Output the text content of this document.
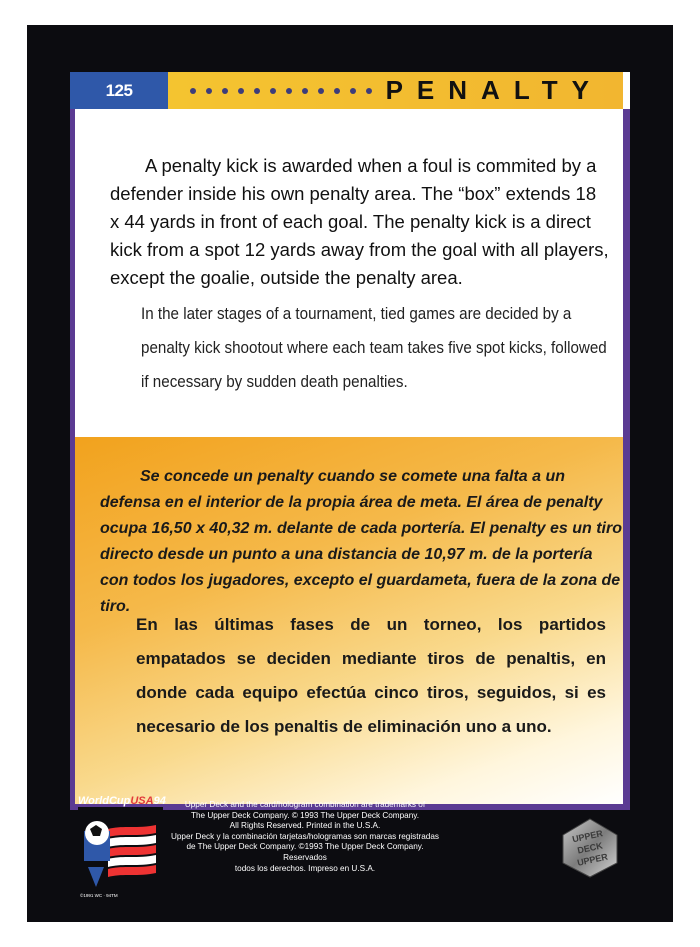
125	PENALTY
A penalty kick is awarded when a foul is commited by a defender inside his own penalty area. The “box” extends 18 x 44 yards in front of each goal. The penalty kick is a direct kick from a spot 12 yards away from the goal with all players, except the goalie, outside the penalty area.
In the later stages of a tournament, tied games are decided by a penalty kick shootout where each team takes five spot kicks, followed if necessary by sudden death penalties.
Se concede un penalty cuando se comete una falta a un defensa en el interior de la propia área de meta. El área de penalty ocupa 16,50 x 40,32 m. delante de cada portería. El penalty es un tiro directo desde un punto a una distancia de 10,97 m. de la portería con todos los jugadores, excepto el guardameta, fuera de la zona de tiro.
En las últimas fases de un torneo, los partidos empatados se deciden mediante tiros de penaltis, en donde cada equipo efectúa cinco tiros, seguidos, si es necesario de los penaltis de eliminación uno a uno.
WorldCupUSA94
©1991 WC · 94TM
Upper Deck and the card/hologram combination are trademarks of
The Upper Deck Company. © 1993 The Upper Deck Company.
All Rights Reserved. Printed in the U.S.A.
Upper Deck y la combinación tarjetas/hologramas son marcas registradas
de The Upper Deck Company. ©1993 The Upper Deck Company. Reservados
todos los derechos. Impreso en U.S.A.
UPPER
DECK
UPPER
